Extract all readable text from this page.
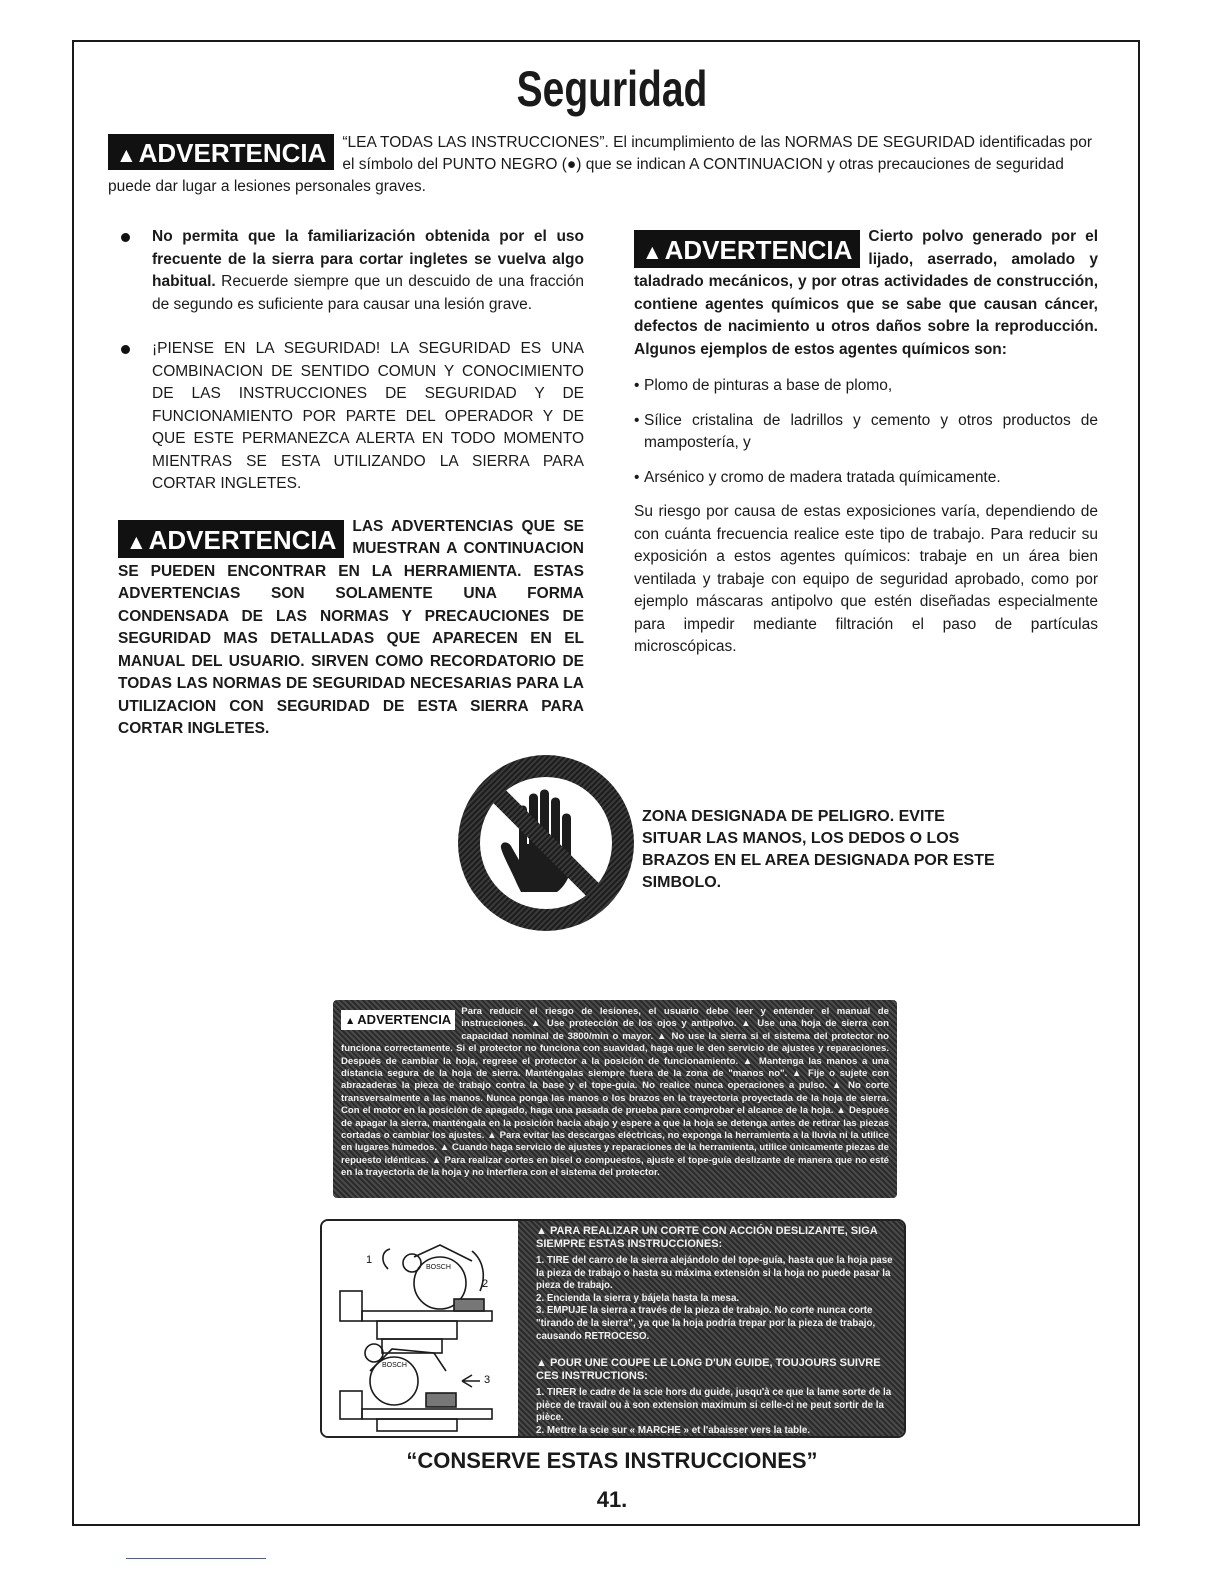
Seguridad
▲ADVERTENCIA	“LEA TODAS LAS INSTRUCCIONES”. El incumplimiento de las NORMAS DE SEGURIDAD identificadas por el símbolo del PUNTO NEGRO (●) que se indican A CONTINUACION y otras precauciones de seguridad puede dar lugar a lesiones personales graves.
No permita que la familiarización obtenida por el uso frecuente de la sierra para cortar ingletes se vuelva algo habitual. Recuerde siempre que un descuido de una fracción de segundo es suficiente para causar una lesión grave.
¡PIENSE EN LA SEGURIDAD! LA SEGURIDAD ES UNA COMBINACION DE SENTIDO COMUN Y CONOCIMIENTO DE LAS INSTRUCCIONES DE SEGURIDAD Y DE FUNCIONAMIENTO POR PARTE DEL OPERADOR Y DE QUE ESTE PERMANEZCA ALERTA EN TODO MOMENTO MIENTRAS SE ESTA UTILIZANDO LA SIERRA PARA CORTAR INGLETES.
▲ADVERTENCIA	LAS ADVERTENCIAS QUE SE MUESTRAN A CONTINUACION SE PUEDEN ENCONTRAR EN LA HERRAMIENTA. ESTAS ADVERTENCIAS SON SOLAMENTE UNA FORMA CONDENSADA DE LAS NORMAS Y PRECAUCIONES DE SEGURIDAD MAS DETALLADAS QUE APARECEN EN EL MANUAL DEL USUARIO. SIRVEN COMO RECORDATORIO DE TODAS LAS NORMAS DE SEGURIDAD NECESARIAS PARA LA UTILIZACION CON SEGURIDAD DE ESTA SIERRA PARA CORTAR INGLETES.
▲ADVERTENCIA	Cierto polvo generado por el lijado, aserrado, amolado y taladrado mecánicos, y por otras actividades de construcción, contiene agentes químicos que se sabe que causan cáncer, defectos de nacimiento u otros daños sobre la reproducción. Algunos ejemplos de estos agentes químicos son:
• Plomo de pinturas a base de plomo,
• Sílice cristalina de ladrillos y cemento y otros productos de mampostería, y
• Arsénico y cromo de madera tratada químicamente.
Su riesgo por causa de estas exposiciones varía, dependiendo de con cuánta frecuencia realice este tipo de trabajo. Para reducir su exposición a estos agentes químicos: trabaje en un área bien ventilada y trabaje con equipo de seguridad aprobado, como por ejemplo máscaras antipolvo que estén diseñadas especialmente para impedir mediante filtración el paso de partículas microscópicas.
ZONA DESIGNADA DE PELIGRO. EVITE SITUAR LAS MANOS, LOS DEDOS O LOS BRAZOS EN EL AREA DESIGNADA POR ESTE SIMBOLO.
▲ ADVERTENCIA
Para reducir el riesgo de lesiones, el usuario debe leer y entender el manual de instrucciones. ▲ Use protección de los ojos y antipolvo. ▲ Use una hoja de sierra con capacidad nominal de 3800/min o mayor. ▲ No use la sierra si el sistema del protector no funciona correctamente. Si el protector no funciona con suavidad, haga que le den servicio de ajustes y reparaciones. Después de cambiar la hoja, regrese el protector a la posición de funcionamiento. ▲ Mantenga las manos a una distancia segura de la hoja de sierra. Manténgalas siempre fuera de la zona de "manos no". ▲ Fije o sujete con abrazaderas la pieza de trabajo contra la base y el tope-guía. No realice nunca operaciones a pulso. ▲ No corte transversalmente a las manos. Nunca ponga las manos o los brazos en la trayectoria proyectada de la hoja de sierra. Con el motor en la posición de apagado, haga una pasada de prueba para comprobar el alcance de la hoja. ▲ Después de apagar la sierra, manténgala en la posición hacia abajo y espere a que la hoja se detenga antes de retirar las piezas cortadas o cambiar los ajustes. ▲ Para evitar las descargas eléctricas, no exponga la herramienta a la lluvia ni la utilice en lugares húmedos. ▲ Cuando haga servicio de ajustes y reparaciones de la herramienta, utilice únicamente piezas de repuesto idénticas. ▲ Para realizar cortes en bisel o compuestos, ajuste el tope-guía deslizante de manera que no esté en la trayectoria de la hoja y no interfiera con el sistema del protector.
1
2
3
BOSCH
BOSCH

▲ PARA REALIZAR UN CORTE CON ACCIÓN DESLIZANTE, SIGA SIEMPRE ESTAS INSTRUCCIONES:

1. TIRE del carro de la sierra alejándolo del tope-guía, hasta que la hoja pase la pieza de trabajo o hasta su máxima extensión si la hoja no puede pasar la pieza de trabajo.

2. Encienda la sierra y bájela hasta la mesa.

3. EMPUJE la sierra a través de la pieza de trabajo. No corte nunca corte "tirando de la sierra", ya que la hoja podría trepar por la pieza de trabajo, causando RETROCESO.

▲ POUR UNE COUPE LE LONG D'UN GUIDE, TOUJOURS SUIVRE CES INSTRUCTIONS:

1. TIRER le cadre de la scie hors du guide, jusqu'à ce que la lame sorte de la pièce de travail ou à son extension maximum si celle-ci ne peut sortir de la pièce.

2. Mettre la scie sur « MARCHE » et l'abaisser vers la table.

“CONSERVE ESTAS INSTRUCCIONES”
41.
